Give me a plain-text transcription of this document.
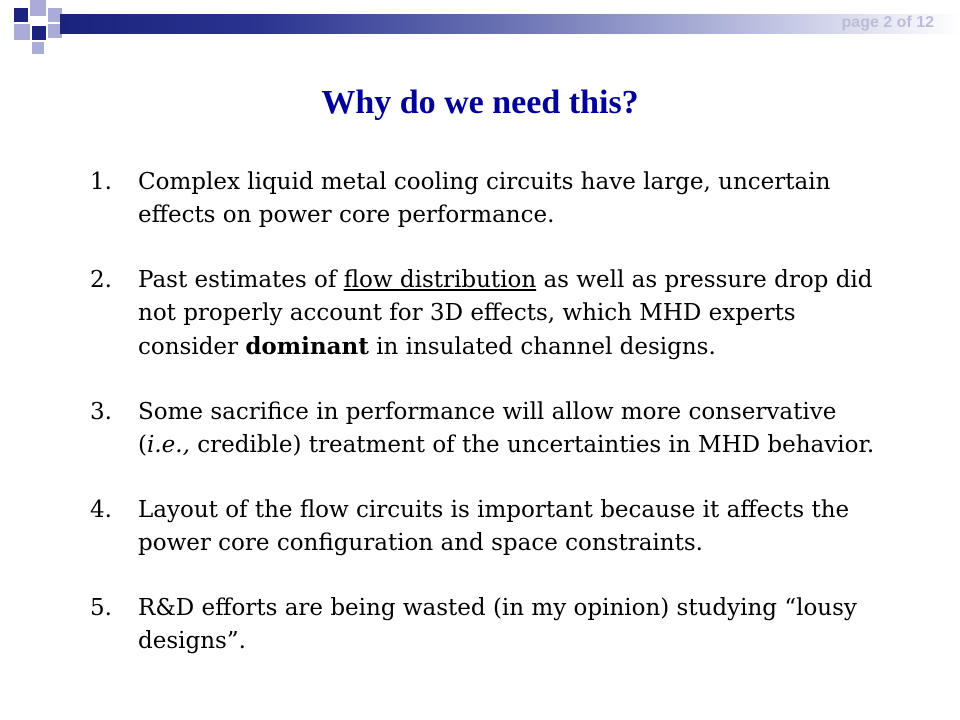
page 2 of 12
Why do we need this?
1. Complex liquid metal cooling circuits have large, uncertain effects on power core performance.
2. Past estimates of flow distribution as well as pressure drop did not properly account for 3D effects, which MHD experts consider dominant in insulated channel designs.
3. Some sacrifice in performance will allow more conservative (i.e., credible) treatment of the uncertainties in MHD behavior.
4. Layout of the flow circuits is important because it affects the power core configuration and space constraints.
5. R&D efforts are being wasted (in my opinion) studying “lousy designs”.
